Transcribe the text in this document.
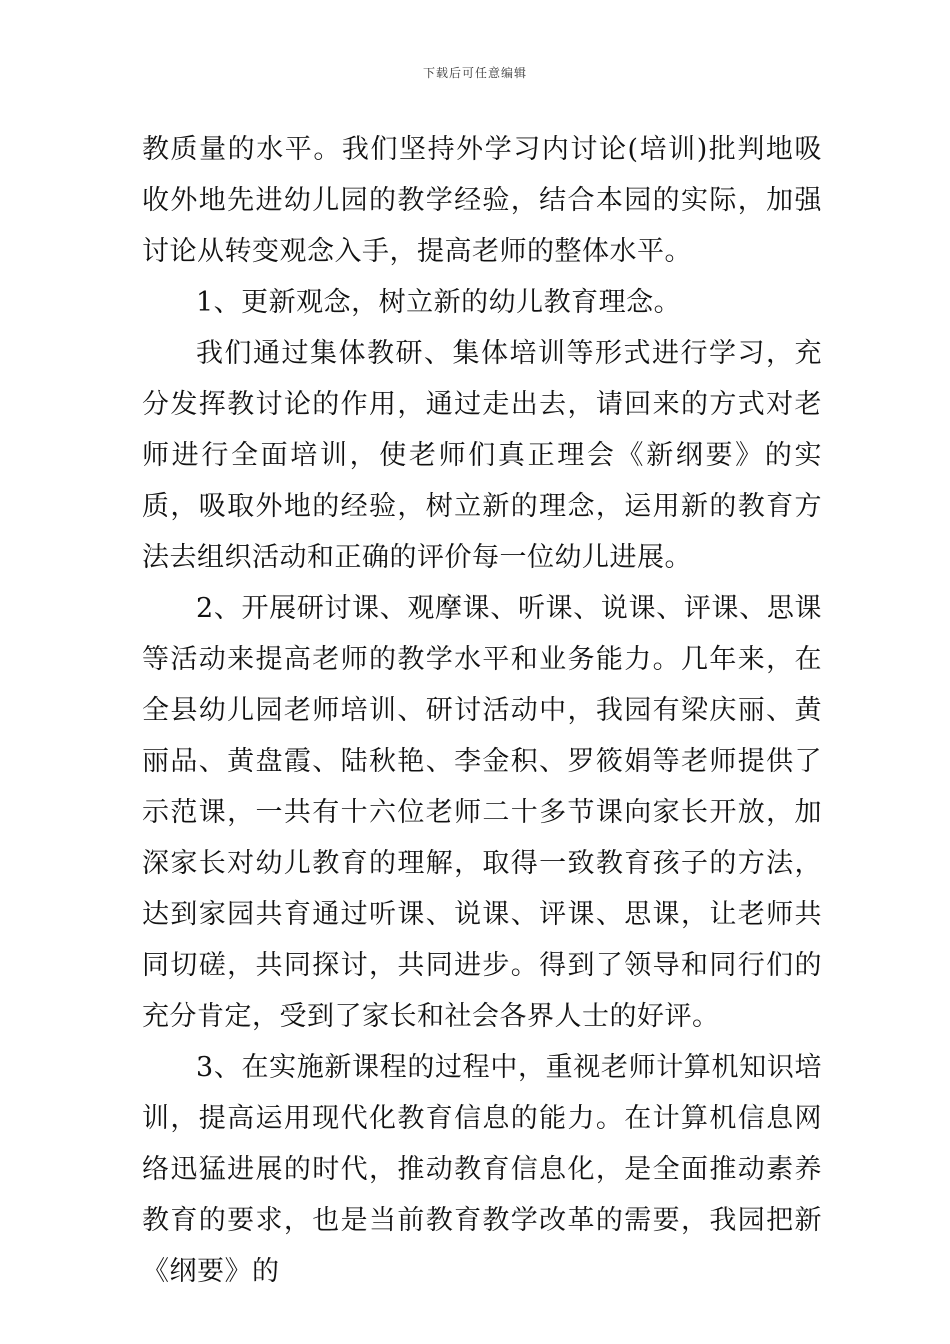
下载后可任意编辑

教质量的水平。我们坚持外学习内讨论(培训)批判地吸收外地先进幼儿园的教学经验，结合本园的实际，加强讨论从转变观念入手，提高老师的整体水平。

1、更新观念，树立新的幼儿教育理念。

我们通过集体教研、集体培训等形式进行学习，充分发挥教讨论的作用，通过走出去，请回来的方式对老师进行全面培训，使老师们真正理会《新纲要》的实质，吸取外地的经验，树立新的理念，运用新的教育方法去组织活动和正确的评价每一位幼儿进展。

2、开展研讨课、观摩课、听课、说课、评课、思课等活动来提高老师的教学水平和业务能力。几年来，在全县幼儿园老师培训、研讨活动中，我园有梁庆丽、黄丽品、黄盘霞、陆秋艳、李金积、罗筱娟等老师提供了示范课，一共有十六位老师二十多节课向家长开放，加深家长对幼儿教育的理解，取得一致教育孩子的方法，达到家园共育通过听课、说课、评课、思课，让老师共同切磋，共同探讨，共同进步。得到了领导和同行们的充分肯定，受到了家长和社会各界人士的好评。

3、在实施新课程的过程中，重视老师计算机知识培训，提高运用现代化教育信息的能力。在计算机信息网络迅猛进展的时代，推动教育信息化，是全面推动素养教育的要求，也是当前教育教学改革的需要，我园把新《纲要》的
